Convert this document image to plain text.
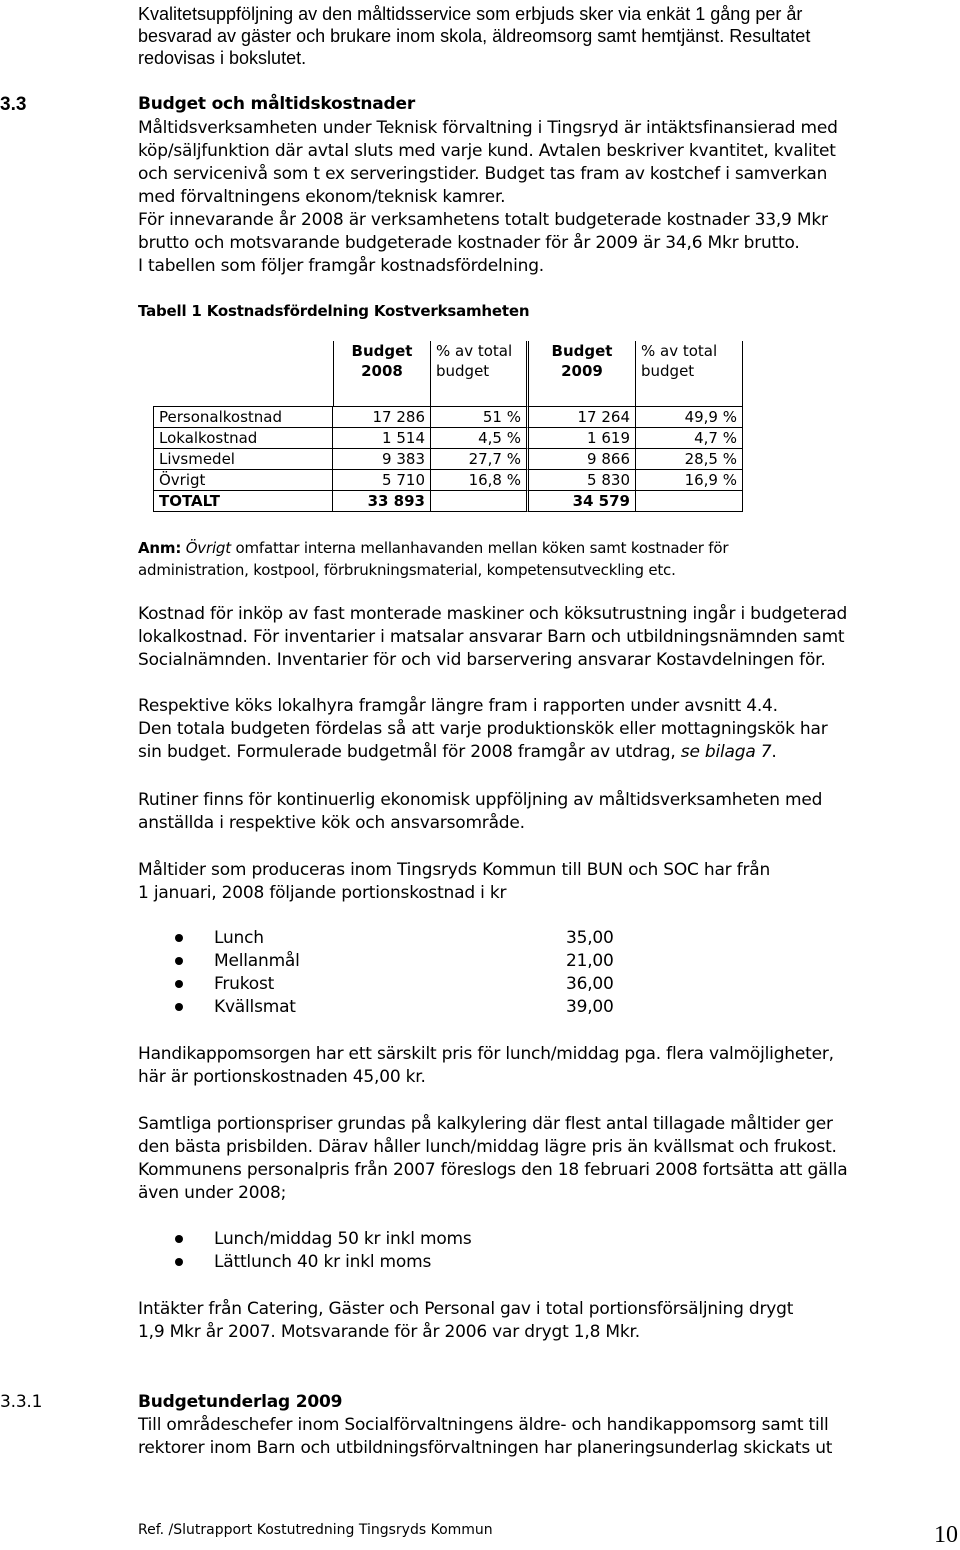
Kvalitetsuppföljning av den måltidsservice som erbjuds sker via enkät 1 gång per år
besvarad av gäster och brukare inom skola, äldreomsorg samt hemtjänst. Resultatet
redovisas i bokslutet.
3.3	Budget och måltidskostnader
Måltidsverksamheten under Teknisk förvaltning i Tingsryd är intäktsfinansierad med
köp/säljfunktion där avtal sluts med varje kund. Avtalen beskriver kvantitet, kvalitet
och servicenivå som t ex serveringstider. Budget tas fram av kostchef i samverkan
med förvaltningens ekonom/teknisk kamrer.
För innevarande år 2008 är verksamhetens totalt budgeterade kostnader 33,9 Mkr
brutto och motsvarande budgeterade kostnader för år 2009 är 34,6 Mkr brutto.
I tabellen som följer framgår kostnadsfördelning.
Tabell 1 Kostnadsfördelning Kostverksamheten
	Budget 2008	% av total budget	Budget 2009	% av total budget
Personalkostnad	17 286	51 %	17 264	49,9 %
Lokalkostnad	1 514	4,5 %	1 619	4,7 %
Livsmedel	9 383	27,7 %	9 866	28,5 %
Övrigt	5 710	16,8 %	5 830	16,9 %
TOTALT	33 893		34 579	
Anm: Övrigt omfattar interna mellanhavanden mellan köken samt kostnader för
administration, kostpool, förbrukningsmaterial, kompetensutveckling etc.
Kostnad för inköp av fast monterade maskiner och köksutrustning ingår i budgeterad
lokalkostnad. För inventarier i matsalar ansvarar Barn och utbildningsnämnden samt
Socialnämnden. Inventarier för och vid barservering ansvarar Kostavdelningen för.
Respektive köks lokalhyra framgår längre fram i rapporten under avsnitt 4.4.
Den totala budgeten fördelas så att varje produktionskök eller mottagningskök har
sin budget. Formulerade budgetmål för 2008 framgår av utdrag, se bilaga 7.
Rutiner finns för kontinuerlig ekonomisk uppföljning av måltidsverksamheten med
anställda i respektive kök och ansvarsområde.
Måltider som produceras inom Tingsryds Kommun till BUN och SOC har från
1 januari, 2008 följande portionskostnad i kr
Lunch	35,00
Mellanmål	21,00
Frukost	36,00
Kvällsmat	39,00
Handikappomsorgen har ett särskilt pris för lunch/middag pga. flera valmöjligheter,
här är portionskostnaden 45,00 kr.
Samtliga portionspriser grundas på kalkylering där flest antal tillagade måltider ger
den bästa prisbilden. Därav håller lunch/middag lägre pris än kvällsmat och frukost.
Kommunens personalpris från 2007 föreslogs den 18 februari 2008 fortsätta att gälla
även under 2008;
Lunch/middag 50 kr inkl moms
Lättlunch 40 kr inkl moms
Intäkter från Catering, Gäster och Personal gav i total portionsförsäljning drygt
1,9 Mkr år 2007. Motsvarande för år 2006 var drygt 1,8 Mkr.
3.3.1	Budgetunderlag 2009
Till områdeschefer inom Socialförvaltningens äldre- och handikappomsorg samt till
rektorer inom Barn och utbildningsförvaltningen har planeringsunderlag skickats ut
Ref. /Slutrapport Kostutredning Tingsryds Kommun	10
